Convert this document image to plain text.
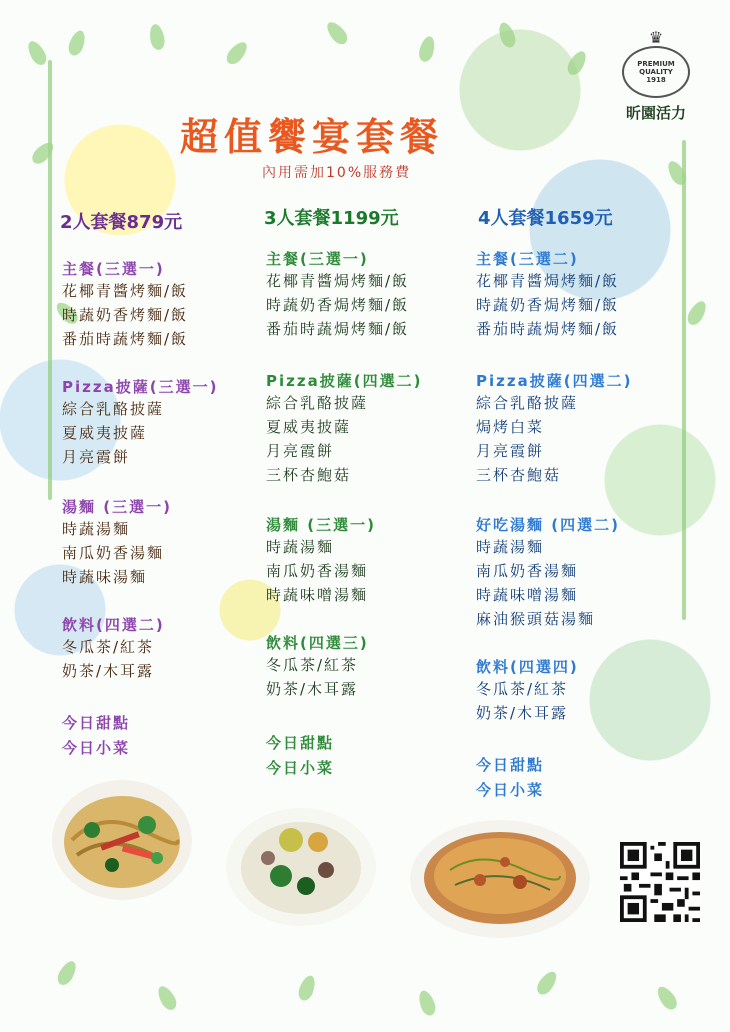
♛
PREMIUM
QUALITY
1918
昕園活力
超值饗宴套餐
內用需加10%服務費
2人套餐879元
主餐(三選一)
花椰青醬烤麵/飯
時蔬奶香烤麵/飯
番茄時蔬烤麵/飯
Pizza披薩(三選一)
綜合乳酪披薩
夏威夷披薩
月亮霞餅
湯麵 (三選一)
時蔬湯麵
南瓜奶香湯麵
時蔬味湯麵
飲料(四選二)
冬瓜茶/紅茶
奶茶/木耳露
今日甜點
今日小菜
3人套餐1199元
主餐(三選一)
花椰青醬焗烤麵/飯
時蔬奶香焗烤麵/飯
番茄時蔬焗烤麵/飯
Pizza披薩(四選二)
綜合乳酪披薩
夏威夷披薩
月亮霞餅
三杯杏鮑菇
湯麵 (三選一)
時蔬湯麵
南瓜奶香湯麵
時蔬味噌湯麵
飲料(四選三)
冬瓜茶/紅茶
奶茶/木耳露
今日甜點
今日小菜
4人套餐1659元
主餐(三選二)
花椰青醬焗烤麵/飯
時蔬奶香焗烤麵/飯
番茄時蔬焗烤麵/飯
Pizza披薩(四選二)
綜合乳酪披薩
焗烤白菜
月亮霞餅
三杯杏鮑菇
好吃湯麵 (四選二)
時蔬湯麵
南瓜奶香湯麵
時蔬味噌湯麵
麻油猴頭菇湯麵
飲料(四選四)
冬瓜茶/紅茶
奶茶/木耳露
今日甜點
今日小菜
